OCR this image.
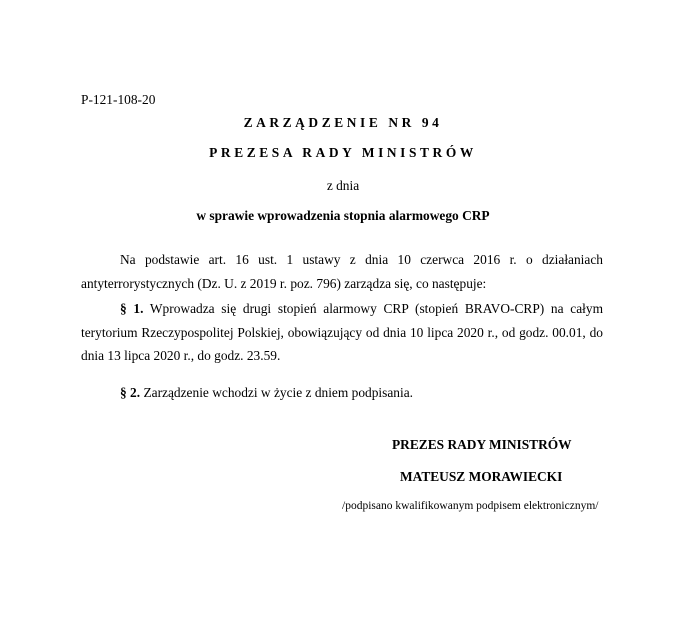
P-121-108-20
ZARZĄDZENIE NR 94
PREZESA RADY MINISTRÓW
z dnia
w sprawie wprowadzenia stopnia alarmowego CRP
Na podstawie art. 16 ust. 1 ustawy z dnia 10 czerwca 2016 r. o działaniach antyterrorystycznych (Dz. U. z 2019 r. poz. 796) zarządza się, co następuje:
§ 1. Wprowadza się drugi stopień alarmowy CRP (stopień BRAVO-CRP) na całym terytorium Rzeczypospolitej Polskiej, obowiązujący od dnia 10 lipca 2020 r., od godz. 00.01, do dnia 13 lipca 2020 r., do godz. 23.59.
§ 2. Zarządzenie wchodzi w życie z dniem podpisania.
PREZES RADY MINISTRÓW
MATEUSZ MORAWIECKI
/podpisano kwalifikowanym podpisem elektronicznym/
